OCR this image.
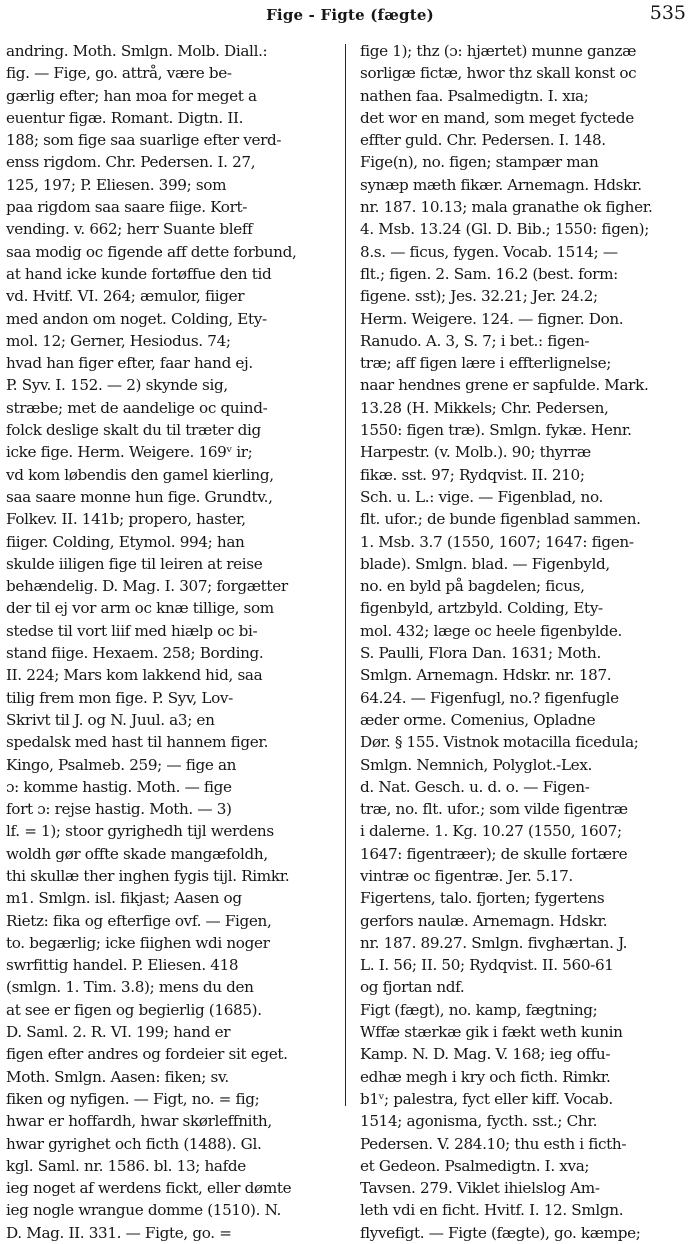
Fige - Figte (fægte)	535
andring. Moth. Smlgn. Molb. Diall.:
fig. — Fige, go. attrå, være be-
gærlig efter; han moa for meget a
euentur figæ. Romant. Digtn. II.
188; som fige saa suarlige efter verd-
enss rigdom. Chr. Pedersen. I. 27,
125, 197; P. Eliesen. 399; som
paa rigdom saa saare fiige. Kort-
vending. v. 662; herr Suante bleff
saa modig oc figende aff dette forbund,
at hand icke kunde fortøffue den tid
vd. Hvitf. VI. 264; æmulor, fiiger
med andon om noget. Colding, Ety-
mol. 12; Gerner, Hesiodus. 74;
hvad han figer efter, faar hand ej.
P. Syv. I. 152. — 2) skynde sig,
stræbe; met de aandelige oc quind-
folck deslige skalt du til træter dig
icke fige. Herm. Weigere. 169ᵛ ir;
vd kom løbendis den gamel kierling,
saa saare monne hun fige. Grundtv.,
Folkev. II. 141b; propero, haster,
fiiger. Colding, Etymol. 994; han
skulde iiligen fige til leiren at reise
behændelig. D. Mag. I. 307; forgætter
der til ej vor arm oc knæ tillige, som
stedse til vort liif med hiælp oc bi-
stand fiige. Hexaem. 258; Bording.
II. 224; Mars kom lakkend hid, saa
tilig frem mon fige. P. Syv, Lov-
Skrivt til J. og N. Juul. a3; en
spedalsk med hast til hannem figer.
Kingo, Psalmeb. 259; — fige an
ɔ: komme hastig. Moth. — fige
fort ɔ: rejse hastig. Moth. — 3)
lf. = 1); stoor gyrighedh tijl werdens
woldh gør offte skade mangæfoldh,
thi skullæ ther inghen fygis tijl. Rimkr.
m1. Smlgn. isl. fikjast; Aasen og
Rietz: fika og efterfige ovf. — Figen,
to. begærlig; icke fiighen wdi noger
swrfittig handel. P. Eliesen. 418
(smlgn. 1. Tim. 3.8); mens du den
at see er figen og begierlig (1685).
D. Saml. 2. R. VI. 199; hand er
figen efter andres og fordeier sit eget.
Moth. Smlgn. Aasen: fiken; sv.
fiken og nyfigen. — Figt, no. = fig;
hwar er hoffardh, hwar skørleffnith,
hwar gyrighet och ficth (1488). Gl.
kgl. Saml. nr. 1586. bl. 13; hafde
ieg noget af werdens fickt, eller dømte
ieg nogle wrangue domme (1510). N.
D. Mag. II. 331. — Figte, go. =
fige 1); thz (ɔ: hjærtet) munne ganzæ
sorligæ fictæ, hwor thz skall konst oc
nathen faa. Psalmedigtn. I. xɪa;
det wor en mand, som meget fyctede
effter guld. Chr. Pedersen. I. 148.
Fige(n), no. figen; stampær man
synæp mæth fikær. Arnemagn. Hdskr.
nr. 187. 10.13; mala granathe ok figher.
4. Msb. 13.24 (Gl. D. Bib.; 1550: figen);
8.s. — ficus, fygen. Vocab. 1514; —
flt.; figen. 2. Sam. 16.2 (best. form:
figene. sst); Jes. 32.21; Jer. 24.2;
Herm. Weigere. 124. — figner. Don.
Ranudo. A. 3, S. 7; i bet.: figen-
træ; aff figen lære i effterlignelse;
naar hendnes grene er sapfulde. Mark.
13.28 (H. Mikkels; Chr. Pedersen,
1550: figen træ). Smlgn. fykæ. Henr.
Harpestr. (v. Molb.). 90; thyrræ
fikæ. sst. 97; Rydqvist. II. 210;
Sch. u. L.: vige. — Figenblad, no.
flt. ufor.; de bunde figenblad sammen.
1. Msb. 3.7 (1550, 1607; 1647: figen-
blade). Smlgn. blad. — Figenbyld,
no. en byld på bagdelen; ficus,
figenbyld, artzbyld. Colding, Ety-
mol. 432; læge oc heele figenbylde.
S. Paulli, Flora Dan. 1631; Moth.
Smlgn. Arnemagn. Hdskr. nr. 187.
64.24. — Figenfugl, no.? figenfugle
æder orme. Comenius, Opladne
Dør. § 155. Vistnok motacilla ficedula;
Smlgn. Nemnich, Polyglot.-Lex.
d. Nat. Gesch. u. d. o. — Figen-
træ, no. flt. ufor.; som vilde figentræ
i dalerne. 1. Kg. 10.27 (1550, 1607;
1647: figentræer); de skulle fortære
vintræ oc figentræ. Jer. 5.17.
Figertens, talo. fjorten; fygertens
gerfors naulæ. Arnemagn. Hdskr.
nr. 187. 89.27. Smlgn. fivghærtan. J.
L. I. 56; II. 50; Rydqvist. II. 560-61
og fjortan ndf.
Figt (fægt), no. kamp, fægtning;
Wffæ stærkæ gik i fækt weth kunin
Kamp. N. D. Mag. V. 168; ieg offu-
edhæ megh i kry och ficth. Rimkr.
b1ᵛ; palestra, fyct eller kiff. Vocab.
1514; agonisma, fycth. sst.; Chr.
Pedersen. V. 284.10; thu esth i ficth-
et Gedeon. Psalmedigtn. I. xva;
Tavsen. 279. Viklet ihielslog Am-
leth vdi en ficht. Hvitf. I. 12. Smlgn.
flyvefigt. — Figte (fægte), go. kæmpe;
